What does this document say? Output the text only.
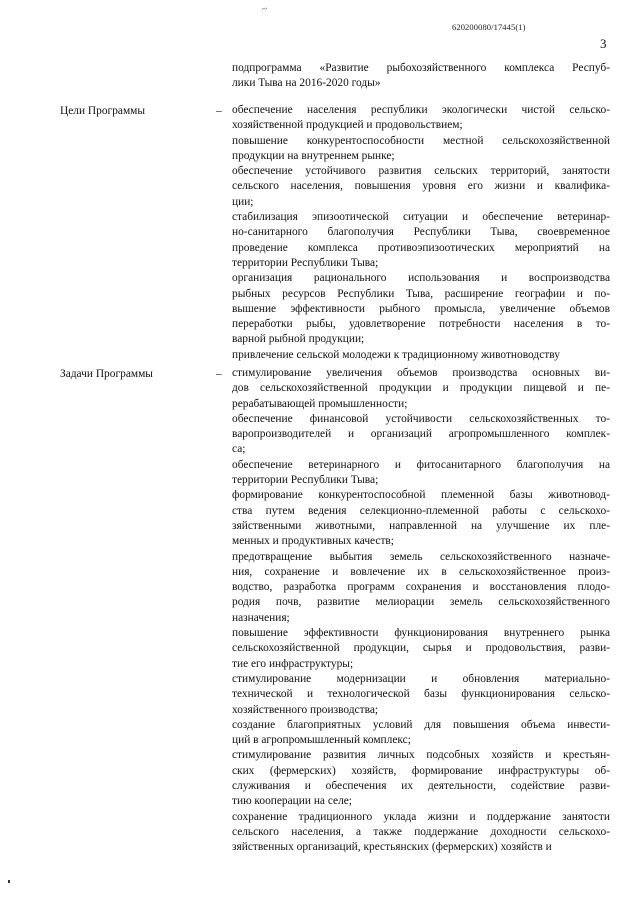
~
620200080/17445(1)
3
подпрограмма «Развитие рыбохозяйственного комплекса Респуб-
лики Тыва на 2016-2020 годы»
Цели Программы	– обеспечение населения республики экологически чистой сельско-
хозяйственной продукцией и продовольствием;
повышение конкурентоспособности местной сельскохозяйственной
продукции на внутреннем рынке;
обеспечение устойчивого развития сельских территорий, занятости
сельского населения, повышения уровня его жизни и квалифика-
ции;
стабилизация эпизоотической ситуации и обеспечение ветеринар-
но-санитарного благополучия Республики Тыва, своевременное
проведение комплекса противоэпизоотических мероприятий на
территории Республики Тыва;
организация рационального использования и воспроизводства
рыбных ресурсов Республики Тыва, расширение географии и по-
вышение эффективности рыбного промысла, увеличение объемов
переработки рыбы, удовлетворение потребности населения в то-
варной рыбной продукции;
привлечение сельской молодежи к традиционному животноводству
Задачи Программы	– стимулирование увеличения объемов производства основных ви-
дов сельскохозяйственной продукции и продукции пищевой и пе-
рерабатывающей промышленности;
обеспечение финансовой устойчивости сельскохозяйственных то-
варопроизводителей и организаций агропромышленного комплек-
са;
обеспечение ветеринарного и фитосанитарного благополучия на
территории Республики Тыва;
формирование конкурентоспособной племенной базы животновод-
ства путем ведения селекционно-племенной работы с сельскохо-
зяйственными животными, направленной на улучшение их пле-
менных и продуктивных качеств;
предотвращение выбытия земель сельскохозяйственного назначе-
ния, сохранение и вовлечение их в сельскохозяйственное произ-
водство, разработка программ сохранения и восстановления плодо-
родия почв, развитие мелиорации земель сельскохозяйственного
назначения;
повышение эффективности функционирования внутреннего рынка
сельскохозяйственной продукции, сырья и продовольствия, разви-
тие его инфраструктуры;
стимулирование модернизации и обновления материально-
технической и технологической базы функционирования сельско-
хозяйственного производства;
создание благоприятных условий для повышения объема инвести-
ций в агропромышленный комплекс;
стимулирование развития личных подсобных хозяйств и крестьян-
ских (фермерских) хозяйств, формирование инфраструктуры об-
служивания и обеспечения их деятельности, содействие разви-
тию кооперации на селе;
сохранение традиционного уклада жизни и поддержание занятости
сельского населения, а также поддержание доходности сельскохо-
зяйственных организаций, крестьянских (фермерских) хозяйств и
